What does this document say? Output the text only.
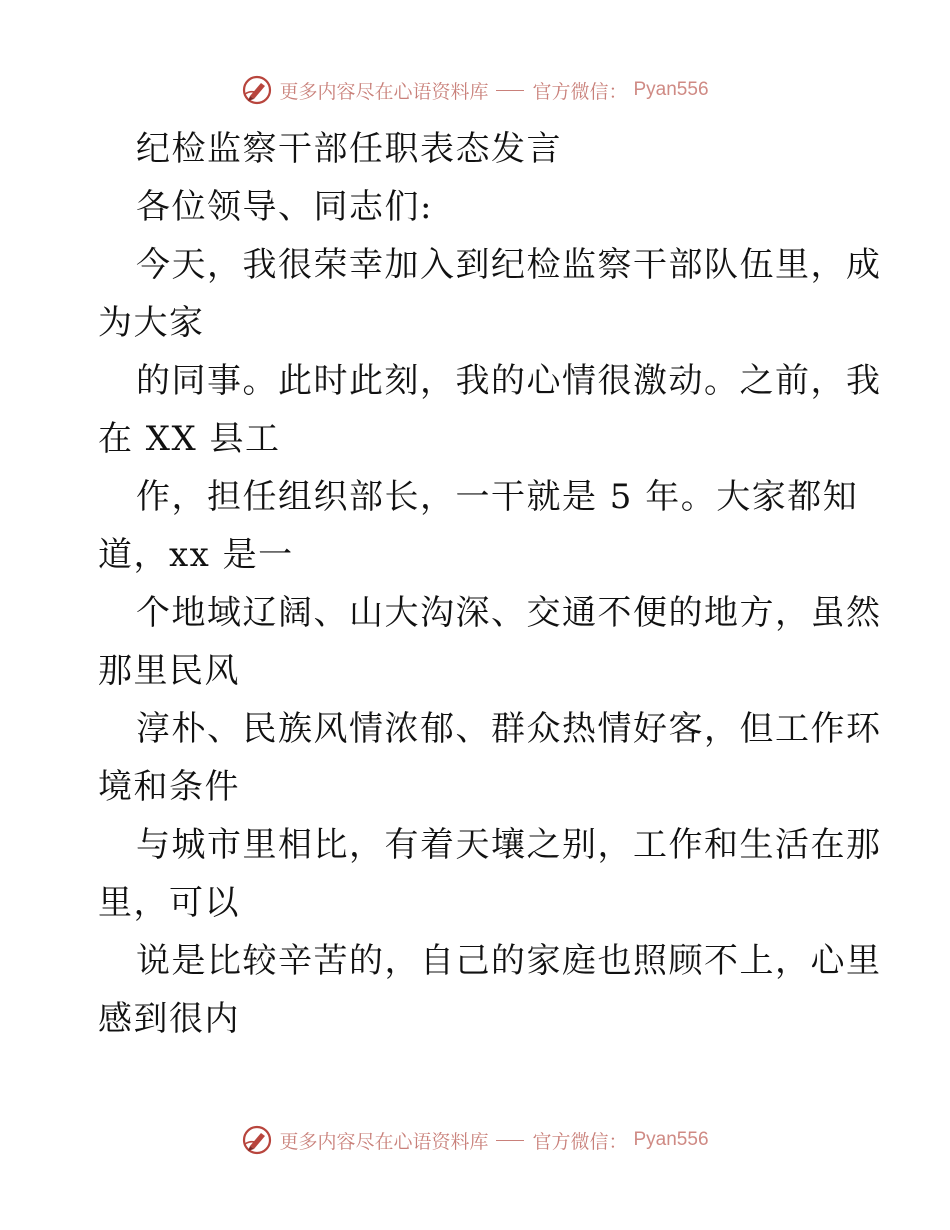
更多内容尽在心语资料库 官方微信： Pyan556
纪检监察干部任职表态发言
各位领导、同志们:
今天，我很荣幸加入到纪检监察干部队伍里，成
为大家
的同事。此时此刻，我的心情很激动。之前，我
在 XX 县工
作，担任组织部长，一干就是 5 年。大家都知
道，xx 是一
个地域辽阔、山大沟深、交通不便的地方，虽然
那里民风
淳朴、民族风情浓郁、群众热情好客，但工作环
境和条件
与城市里相比，有着天壤之别，工作和生活在那
里，可以
说是比较辛苦的，自己的家庭也照顾不上，心里
感到很内
更多内容尽在心语资料库 官方微信： Pyan556
